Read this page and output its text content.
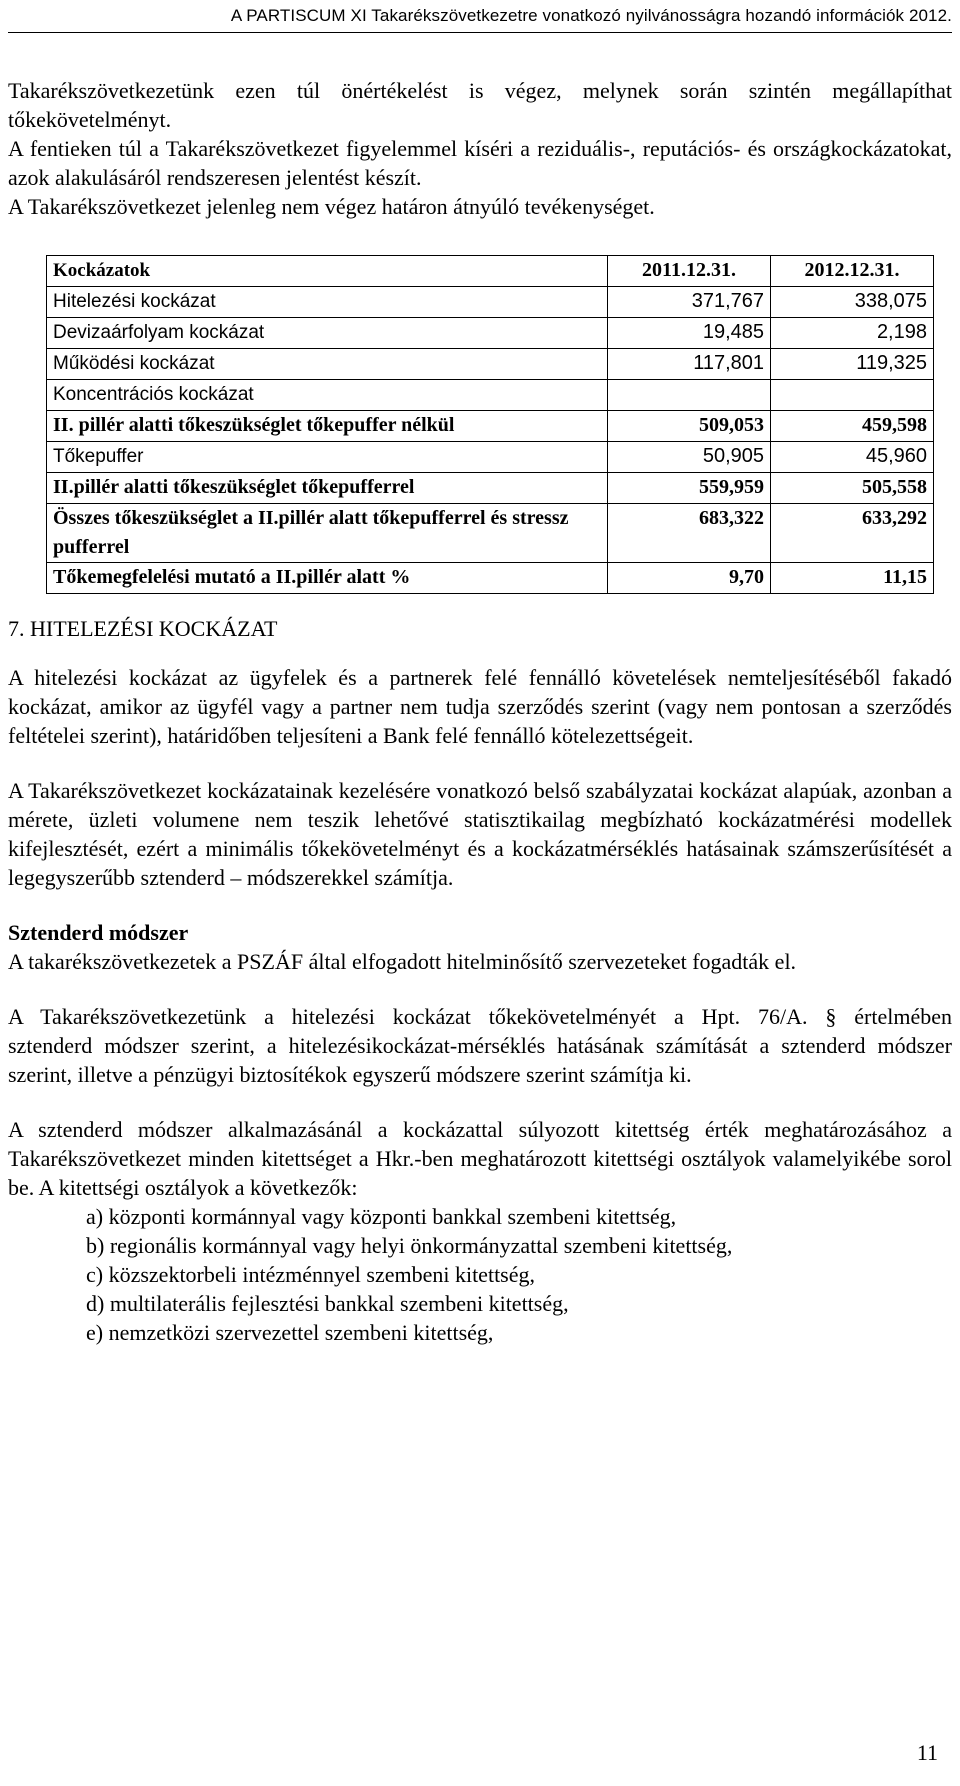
A PARTISCUM XI Takarékszövetkezetre vonatkozó nyilvánosságra hozandó információk 2012.

Takarékszövetkezetünk ezen túl önértékelést is végez, melynek során szintén megállapíthat tőkekövetelményt.

A fentieken túl a Takarékszövetkezet figyelemmel kíséri a reziduális-, reputációs- és országkockázatokat, azok alakulásáról rendszeresen jelentést készít.

A Takarékszövetkezet jelenleg nem végez határon átnyúló tevékenységet.

Kockázatok	2011.12.31.	2012.12.31.
Hitelezési kockázat	371,767	338,075
Devizaárfolyam kockázat	19,485	2,198
Működési kockázat	117,801	119,325
Koncentrációs kockázat		
II. pillér alatti tőkeszükséglet tőkepuffer nélkül	509,053	459,598
Tőkepuffer	50,905	45,960
II.pillér alatti tőkeszükséglet tőkepufferrel	559,959	505,558
Összes tőkeszükséglet a II.pillér alatt tőkepufferrel és stressz pufferrel	683,322	633,292
Tőkemegfelelési mutató a II.pillér alatt %	9,70	11,15

7. HITELEZÉSI KOCKÁZAT

A hitelezési kockázat az ügyfelek és a partnerek felé fennálló követelések nemteljesítéséből fakadó kockázat, amikor az ügyfél vagy a partner nem tudja szerződés szerint (vagy nem pontosan a szerződés feltételei szerint), határidőben teljesíteni a Bank felé fennálló kötelezettségeit.

A Takarékszövetkezet kockázatainak kezelésére vonatkozó belső szabályzatai kockázat alapúak, azonban a mérete, üzleti volumene nem teszik lehetővé statisztikailag megbízható kockázatmérési modellek kifejlesztését, ezért a minimális tőkekövetelményt és a kockázatmérséklés hatásainak számszerűsítését a legegyszerűbb sztenderd – módszerekkel számítja.

Sztenderd módszer

A takarékszövetkezetek a PSZÁF által elfogadott hitelminősítő szervezeteket fogadták el.

A Takarékszövetkezetünk a hitelezési kockázat tőkekövetelményét a Hpt. 76/A. § értelmében

sztenderd módszer szerint, a hitelezésikockázat-mérséklés hatásának számítását a sztenderd módszer szerint, illetve a pénzügyi biztosítékok egyszerű módszere szerint számítja ki.

A sztenderd módszer alkalmazásánál a kockázattal súlyozott kitettség érték meghatározásához a Takarékszövetkezet minden kitettséget a Hkr.-ben meghatározott kitettségi osztályok valamelyikébe sorol be. A kitettségi osztályok a következők:

a) központi kormánnyal vagy központi bankkal szembeni kitettség,
b) regionális kormánnyal vagy helyi önkormányzattal szembeni kitettség,
c) közszektorbeli intézménnyel szembeni kitettség,
d) multilaterális fejlesztési bankkal szembeni kitettség,
e) nemzetközi szervezettel szembeni kitettség,
11
